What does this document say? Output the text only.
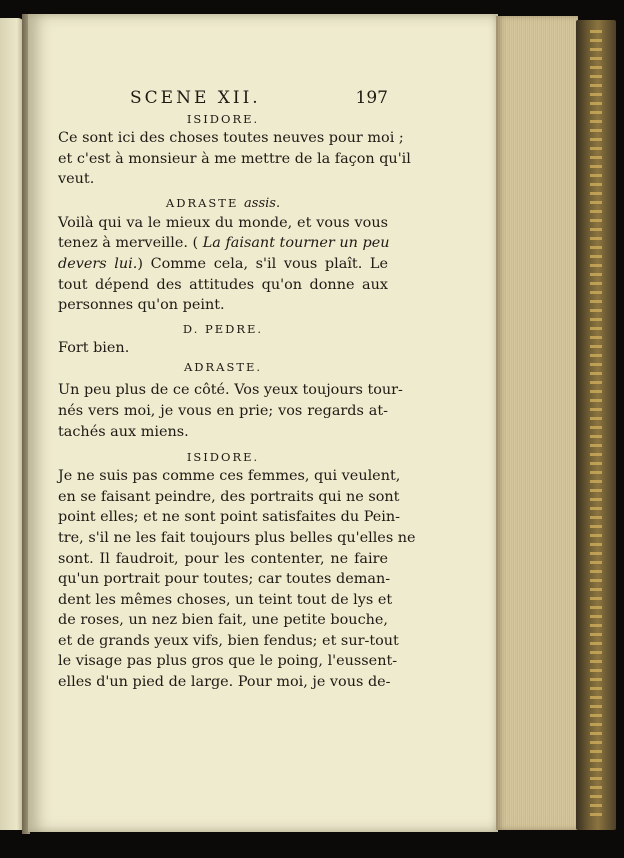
SCENE XII.	197

ISIDORE.

Ce sont ici des choses toutes neuves pour moi ;
et c'est à monsieur à me mettre de la façon qu'il
veut.

ADRASTE assis.

Voilà qui va le mieux du monde, et vous vous
tenez à merveille. ( La faisant tourner un peu
devers lui.) Comme cela, s'il vous plaît. Le
tout dépend des attitudes qu'on donne aux
personnes qu'on peint.

D. PEDRE.

Fort bien.

ADRASTE.

Un peu plus de ce côté. Vos yeux toujours tour-
nés vers moi, je vous en prie; vos regards at-
tachés aux miens.

ISIDORE.

Je ne suis pas comme ces femmes, qui veulent,
en se faisant peindre, des portraits qui ne sont
point elles; et ne sont point satisfaites du Pein-
tre, s'il ne les fait toujours plus belles qu'elles ne
sont. Il faudroit, pour les contenter, ne faire
qu'un portrait pour toutes; car toutes deman-
dent les mêmes choses, un teint tout de lys et
de roses, un nez bien fait, une petite bouche,
et de grands yeux vifs, bien fendus; et sur-tout
le visage pas plus gros que le poing, l'eussent-
elles d'un pied de large. Pour moi, je vous de-
